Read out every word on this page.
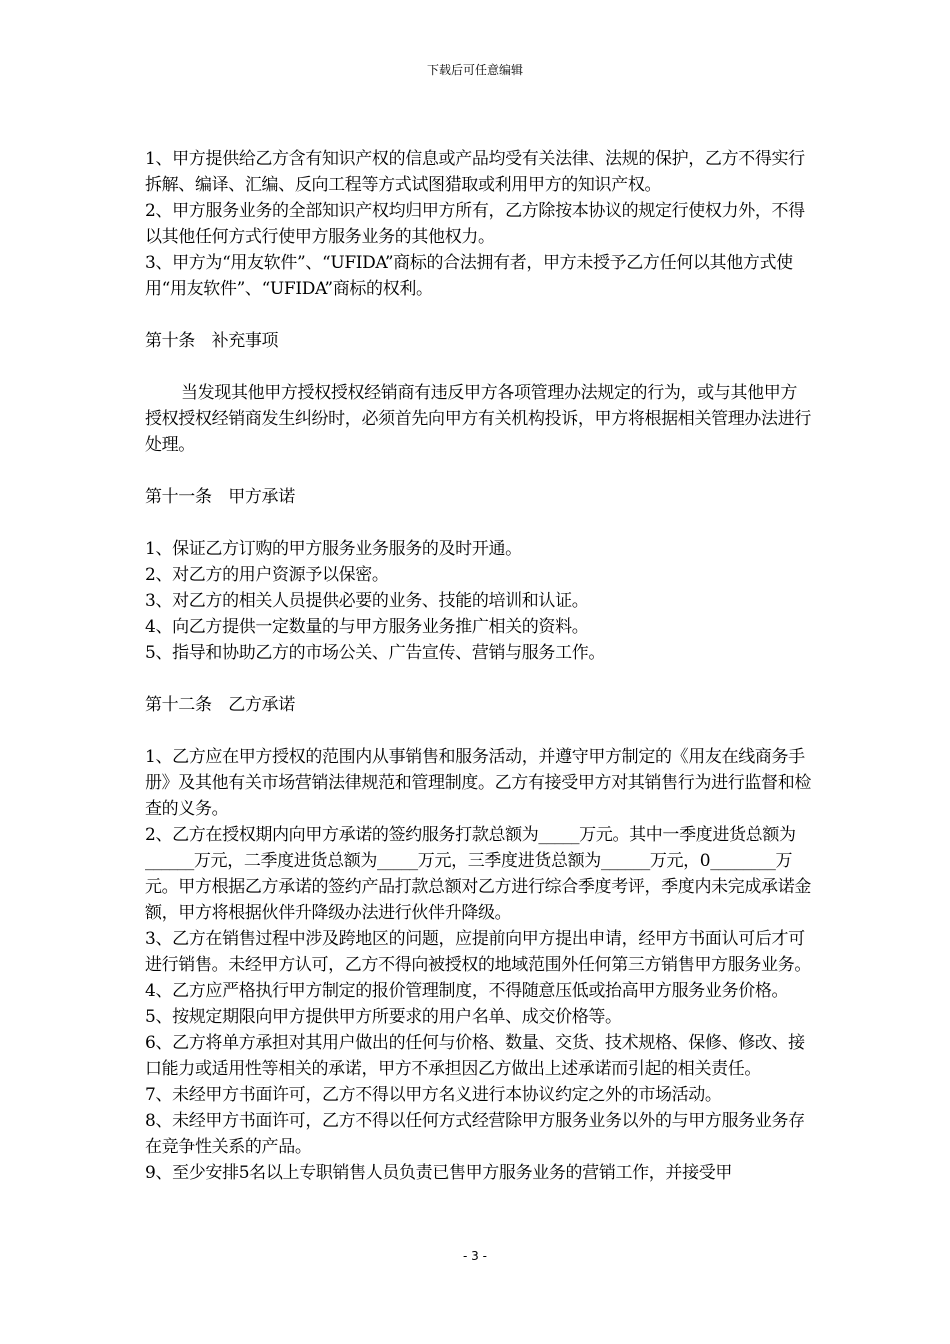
下载后可任意编辑

1、甲方提供给乙方含有知识产权的信息或产品均受有关法律、法规的保护，乙方不得实行拆解、编译、汇编、反向工程等方式试图猎取或利用甲方的知识产权。

2、甲方服务业务的全部知识产权均归甲方所有，乙方除按本协议的规定行使权力外，不得以其他任何方式行使甲方服务业务的其他权力。

3、甲方为“用友软件”、“UFIDA”商标的合法拥有者，甲方未授予乙方任何以其他方式使用“用友软件”、“UFIDA”商标的权利。

第十条　补充事项

当发现其他甲方授权授权经销商有违反甲方各项管理办法规定的行为，或与其他甲方授权授权经销商发生纠纷时，必须首先向甲方有关机构投诉，甲方将根据相关管理办法进行处理。

第十一条　甲方承诺

1、保证乙方订购的甲方服务业务服务的及时开通。

2、对乙方的用户资源予以保密。

3、对乙方的相关人员提供必要的业务、技能的培训和认证。

4、向乙方提供一定数量的与甲方服务业务推广相关的资料。

5、指导和协助乙方的市场公关、广告宣传、营销与服务工作。

第十二条　乙方承诺

1、乙方应在甲方授权的范围内从事销售和服务活动，并遵守甲方制定的《用友在线商务手册》及其他有关市场营销法律规范和管理制度。乙方有接受甲方对其销售行为进行监督和检查的义务。

2、乙方在授权期内向甲方承诺的签约服务打款总额为_____万元。其中一季度进货总额为______万元，二季度进货总额为_____万元，三季度进货总额为______万元，0________万元。甲方根据乙方承诺的签约产品打款总额对乙方进行综合季度考评，季度内未完成承诺金额，甲方将根据伙伴升降级办法进行伙伴升降级。

3、乙方在销售过程中涉及跨地区的问题，应提前向甲方提出申请，经甲方书面认可后才可进行销售。未经甲方认可，乙方不得向被授权的地域范围外任何第三方销售甲方服务业务。

4、乙方应严格执行甲方制定的报价管理制度，不得随意压低或抬高甲方服务业务价格。

5、按规定期限向甲方提供甲方所要求的用户名单、成交价格等。

6、乙方将单方承担对其用户做出的任何与价格、数量、交货、技术规格、保修、修改、接口能力或适用性等相关的承诺，甲方不承担因乙方做出上述承诺而引起的相关责任。

7、未经甲方书面许可，乙方不得以甲方名义进行本协议约定之外的市场活动。

8、未经甲方书面许可，乙方不得以任何方式经营除甲方服务业务以外的与甲方服务业务存在竞争性关系的产品。

9、至少安排5名以上专职销售人员负责已售甲方服务业务的营销工作，并接受甲

- 3 -
